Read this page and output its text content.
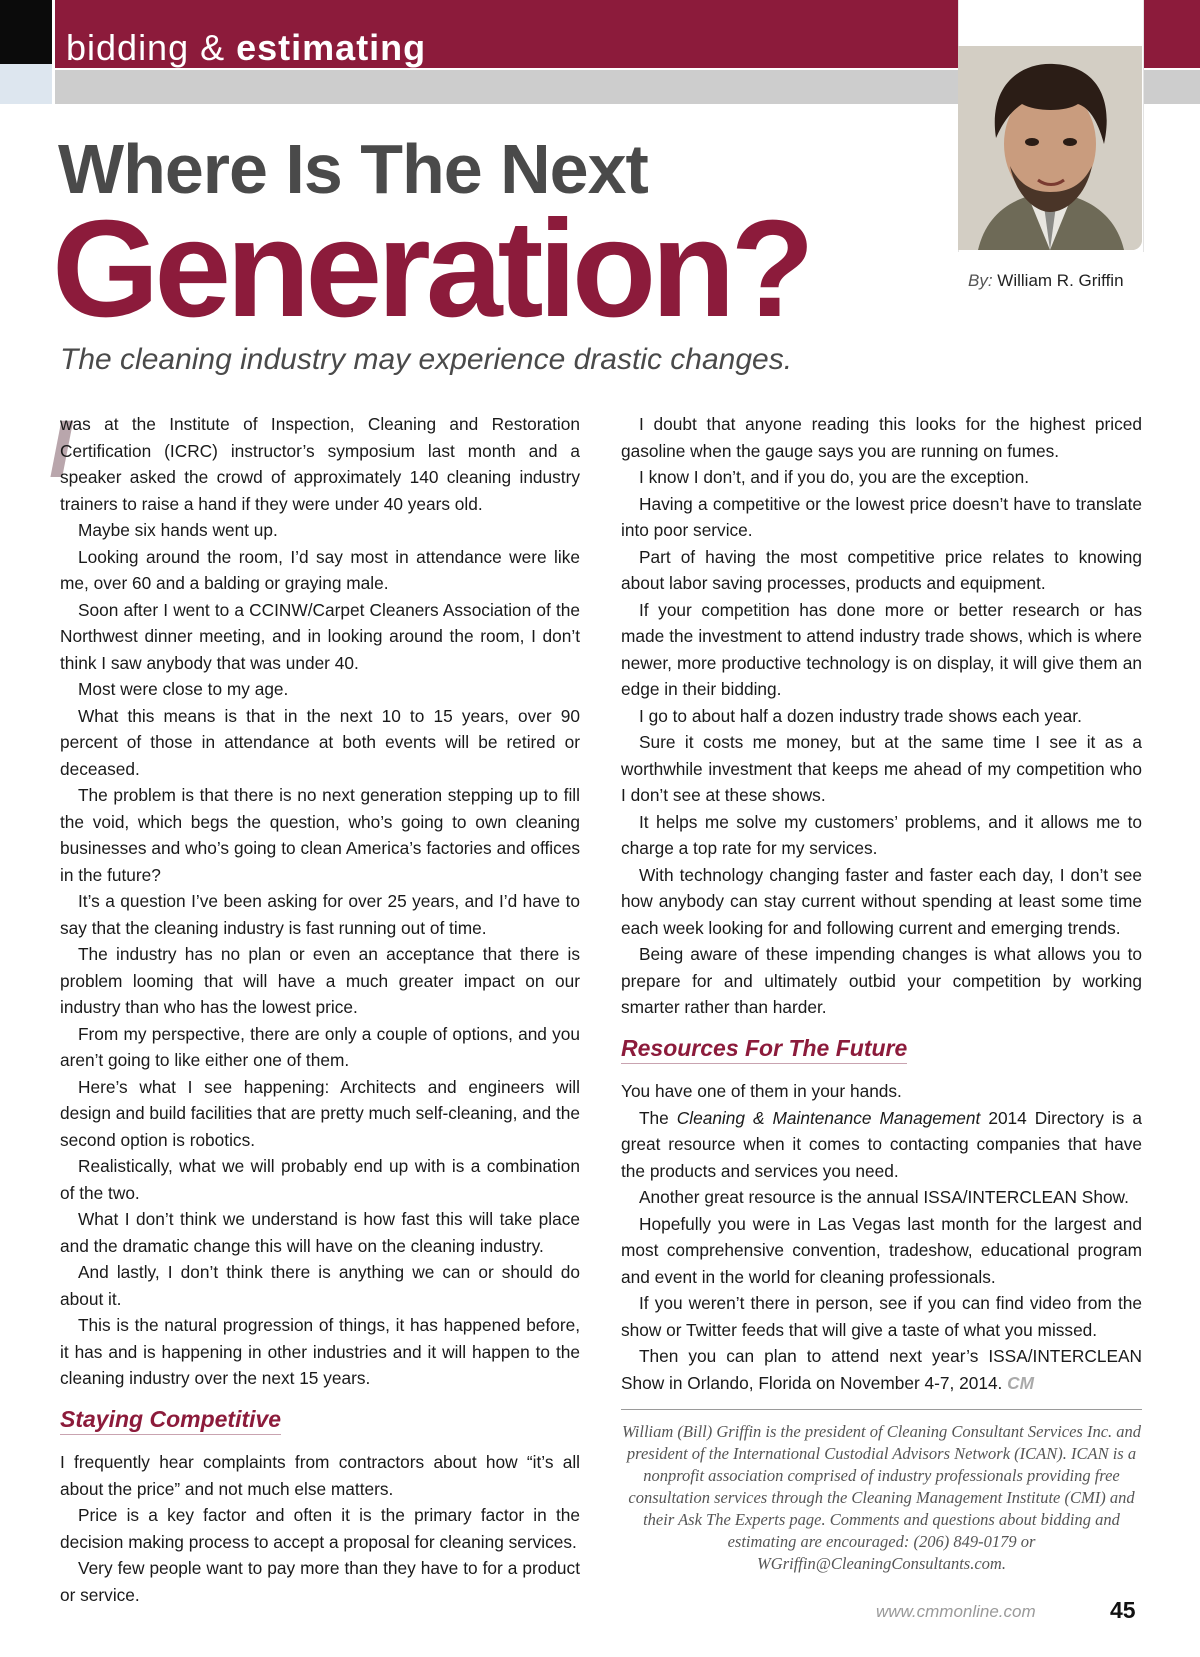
bidding & estimating
By: William R. Griffin
Where Is The Next
Generation?
The cleaning industry may experience drastic changes.
I

was at the Institute of Inspection, Cleaning and Restoration Certification (ICRC) instructor’s symposium last month and a speaker asked the crowd of approximately 140 cleaning industry trainers to raise a hand if they were under 40 years old.

Maybe six hands went up.

Looking around the room, I’d say most in attendance were like me, over 60 and a balding or graying male.

Soon after I went to a CCINW/Carpet Cleaners Association of the Northwest dinner meeting, and in looking around the room, I don’t think I saw anybody that was under 40.

Most were close to my age.

What this means is that in the next 10 to 15 years, over 90 percent of those in attendance at both events will be retired or deceased.

The problem is that there is no next generation stepping up to fill the void, which begs the question, who’s going to own cleaning businesses and who’s going to clean America’s factories and offices in the future?

It’s a question I’ve been asking for over 25 years, and I’d have to say that the cleaning industry is fast running out of time.

The industry has no plan or even an acceptance that there is problem looming that will have a much greater impact on our industry than who has the lowest price.

From my perspective, there are only a couple of options, and you aren’t going to like either one of them.

Here’s what I see happening: Architects and engineers will design and build facilities that are pretty much self-cleaning, and the second option is robotics.

Realistically, what we will probably end up with is a combination of the two.

What I don’t think we understand is how fast this will take place and the dramatic change this will have on the cleaning industry.

And lastly, I don’t think there is anything we can or should do about it.

This is the natural progression of things, it has happened before, it has and is happening in other industries and it will happen to the cleaning industry over the next 15 years.

Staying Competitive

I frequently hear complaints from contractors about how “it’s all about the price” and not much else matters.

Price is a key factor and often it is the primary factor in the decision making process to accept a proposal for cleaning services.

Very few people want to pay more than they have to for a product or service.

I doubt that anyone reading this looks for the highest priced gasoline when the gauge says you are running on fumes.

I know I don’t, and if you do, you are the exception.

Having a competitive or the lowest price doesn’t have to translate into poor service.

Part of having the most competitive price relates to knowing about labor saving processes, products and equipment.

If your competition has done more or better research or has made the investment to attend industry trade shows, which is where newer, more productive technology is on display, it will give them an edge in their bidding.

I go to about half a dozen industry trade shows each year.

Sure it costs me money, but at the same time I see it as a worthwhile investment that keeps me ahead of my competition who I don’t see at these shows.

It helps me solve my customers’ problems, and it allows me to charge a top rate for my services.

With technology changing faster and faster each day, I don’t see how anybody can stay current without spending at least some time each week looking for and following current and emerging trends.

Being aware of these impending changes is what allows you to prepare for and ultimately outbid your competition by working smarter rather than harder.

Resources For The Future

You have one of them in your hands.

The Cleaning & Maintenance Management 2014 Directory is a great resource when it comes to contacting companies that have the products and services you need.

Another great resource is the annual ISSA/INTERCLEAN Show.

Hopefully you were in Las Vegas last month for the largest and most comprehensive convention, tradeshow, educational program and event in the world for cleaning professionals.

If you weren’t there in person, see if you can find video from the show or Twitter feeds that will give a taste of what you missed.

Then you can plan to attend next year’s ISSA/INTERCLEAN Show in Orlando, Florida on November 4-7, 2014. CM

William (Bill) Griffin is the president of Cleaning Consultant Services Inc. and president of the International Custodial Advisors Network (ICAN). ICAN is a nonprofit association comprised of industry professionals providing free consultation services through the Cleaning Management Institute (CMI) and their Ask The Experts page. Comments and questions about bidding and estimating are encouraged: (206) 849-0179 or WGriffin@CleaningConsultants.com.
www.cmmonline.com	45
